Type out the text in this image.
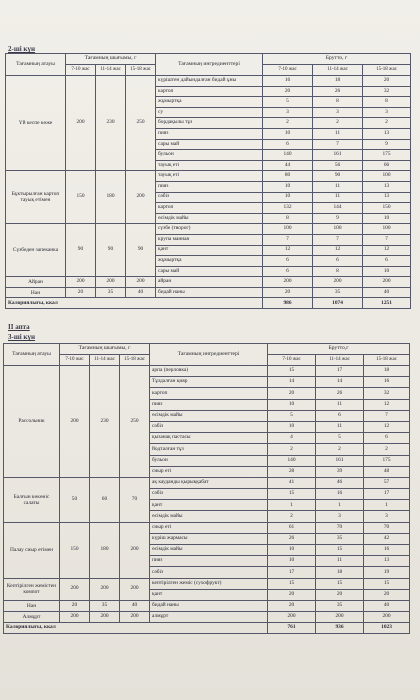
2-ші күн
Тағамның атауы	Тағамның шығымы, г			Тағамның ингредиенттері	Брутто, г		
	7-10 жас	11-14 жас	15-18 жас		7-10 жас	11-14 жас	15-18 жас
Үй кеспе көже	200	230	250	күріштен дайындалған бидай ұны	16	18	20
				картоп	20	26	32
				жұмыртқа	5	8	8
				су	3	3	3
				бордақылы тұз	2	2	2
				пияз	10	11	13
				сары май	6	7	9
				бульон	140	161	175
				тауық еті	44	56	66
Бұктырылған картоп тауық етімен	150	180	200	тауық еті	80	90	100
				пияз	10	11	13
				сәбіз	10	11	13
				картоп	132	144	150
				өсімдік майы	8	9	10
Сүзбеден запеканка	90	90	90	сүзбе (творог)	100	100	100
				крупа манная	7	7	7
				қант	12	12	12
				жұмыртқа	6	6	6
				сары май	6	8	10
Айран	200	200	200	айран	200	200	200
Нан	20	35	40	бидай наны	20	35	40
Калориялығы, ккал					986	1074	1251
II апта
3-ші күн
Тағамның атауы	Тағамның шығымы, г			Тағамның ингредиенттері	Брутто,г		
	7-10 жас	11-14 жас	15-18 жас		7-10 жас	11-14 жас	15-18 жас
Рассольник	200	230	250	арпа (перловка)	15	17	18
				Тұздалған қияр	14	14	16
				картоп	20	26	32
				пияз	10	11	12
				өсімдік майы	5	6	7
				сәбіз	10	11	12
				қызанақ пастасы	4	5	6
				йодталған тұз	2	2	2
				бульон	140	161	175
				сиыр еті	28	39	48
Балғын көкөніс салаты	50	60	70	ақ кауданды қырыққабат	41	46	57
				сәбіз	15	16	17
				қант	1	1	1
				өсімдік майы	2	3	3
Палау сиыр етімен	150	180	200	сиыр еті	61	70	70
				күріш жармасы	26	35	42
				өсімдік майы	10	15	16
				пияз	10	11	13
				сәбіз	17	18	19
Кептірілген жемістен компот	200	200	200	кептірілген жеміс (сухофрукт)	15	15	15
				қант	20	20	20
Нан	20	35	40	бидай наны	20	35	40
Алмұрт	200	200	200	алмұрт	200	200	200
Калориялығы, ккал					761	936	1023
